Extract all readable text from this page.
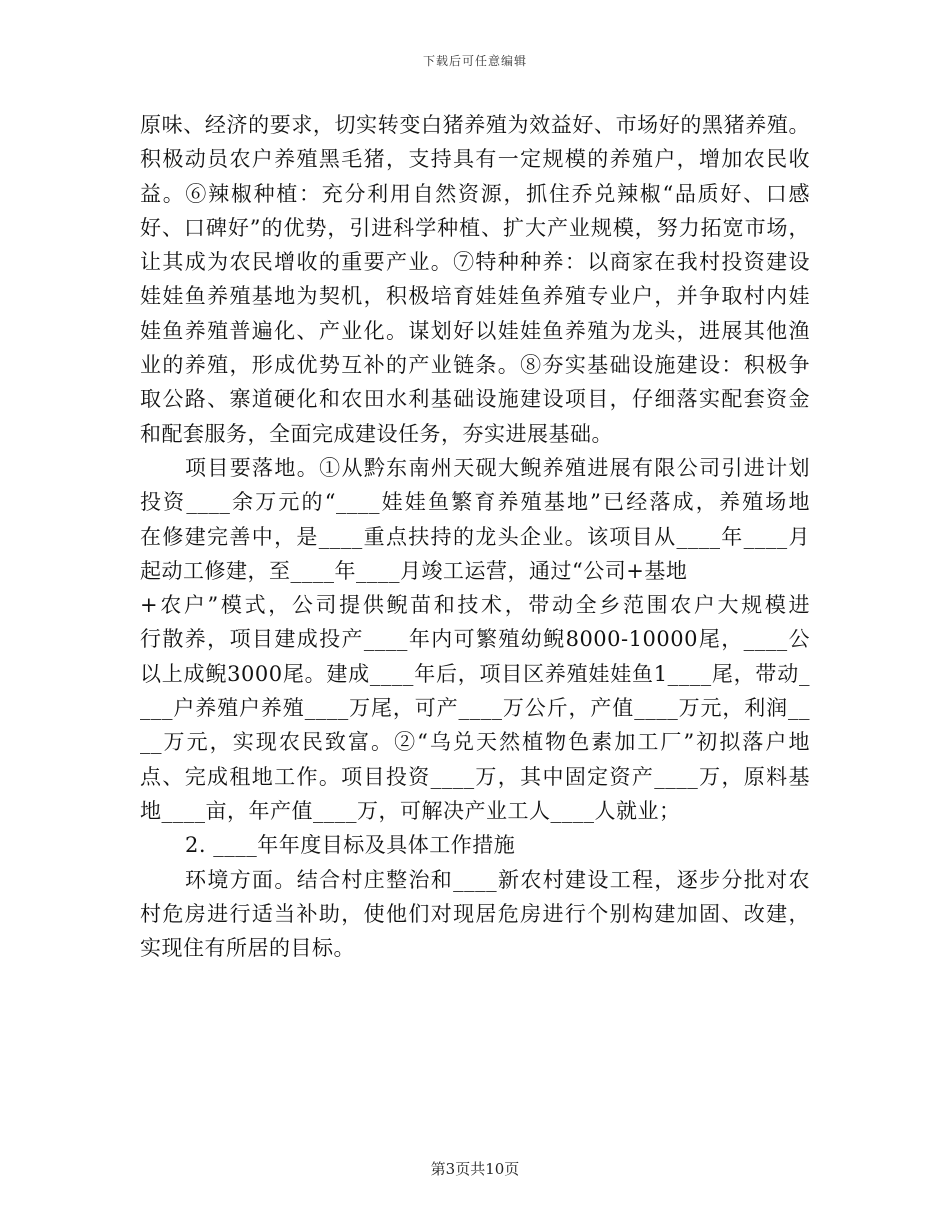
下载后可任意编辑
原味、经济的要求，切实转变白猪养殖为效益好、市场好的黑猪养殖。
积极动员农户养殖黑毛猪，支持具有一定规模的养殖户，增加农民收
益。⑥辣椒种植：充分利用自然资源，抓住乔兑辣椒“品质好、口感
好、口碑好”的优势，引进科学种植、扩大产业规模，努力拓宽市场，
让其成为农民增收的重要产业。⑦特种种养：以商家在我村投资建设
娃娃鱼养殖基地为契机，积极培育娃娃鱼养殖专业户，并争取村内娃
娃鱼养殖普遍化、产业化。谋划好以娃娃鱼养殖为龙头，进展其他渔
业的养殖，形成优势互补的产业链条。⑧夯实基础设施建设：积极争
取公路、寨道硬化和农田水利基础设施建设项目，仔细落实配套资金
和配套服务，全面完成建设任务，夯实进展基础。
项目要落地。①从黔东南州天砚大鲵养殖进展有限公司引进计划
投资____余万元的“____娃娃鱼繁育养殖基地”已经落成，养殖场地
在修建完善中，是____重点扶持的龙头企业。该项目从____年____月
起动工修建，至____年____月竣工运营，通过“公司+基地
+农户”模式，公司提供鲵苗和技术，带动全乡范围农户大规模进
行散养，项目建成投产____年内可繁殖幼鲵8000-10000尾，____公
以上成鲵3000尾。建成____年后，项目区养殖娃娃鱼1____尾，带动_
___户养殖户养殖____万尾，可产____万公斤，产值____万元，利润__
__万元，实现农民致富。②“乌兑天然植物色素加工厂”初拟落户地
点、完成租地工作。项目投资____万，其中固定资产____万，原料基
地____亩，年产值____万，可解决产业工人____人就业；
2. ____年年度目标及具体工作措施
环境方面。结合村庄整治和____新农村建设工程，逐步分批对农
村危房进行适当补助，使他们对现居危房进行个别构建加固、改建，
实现住有所居的目标。
第3页共10页
